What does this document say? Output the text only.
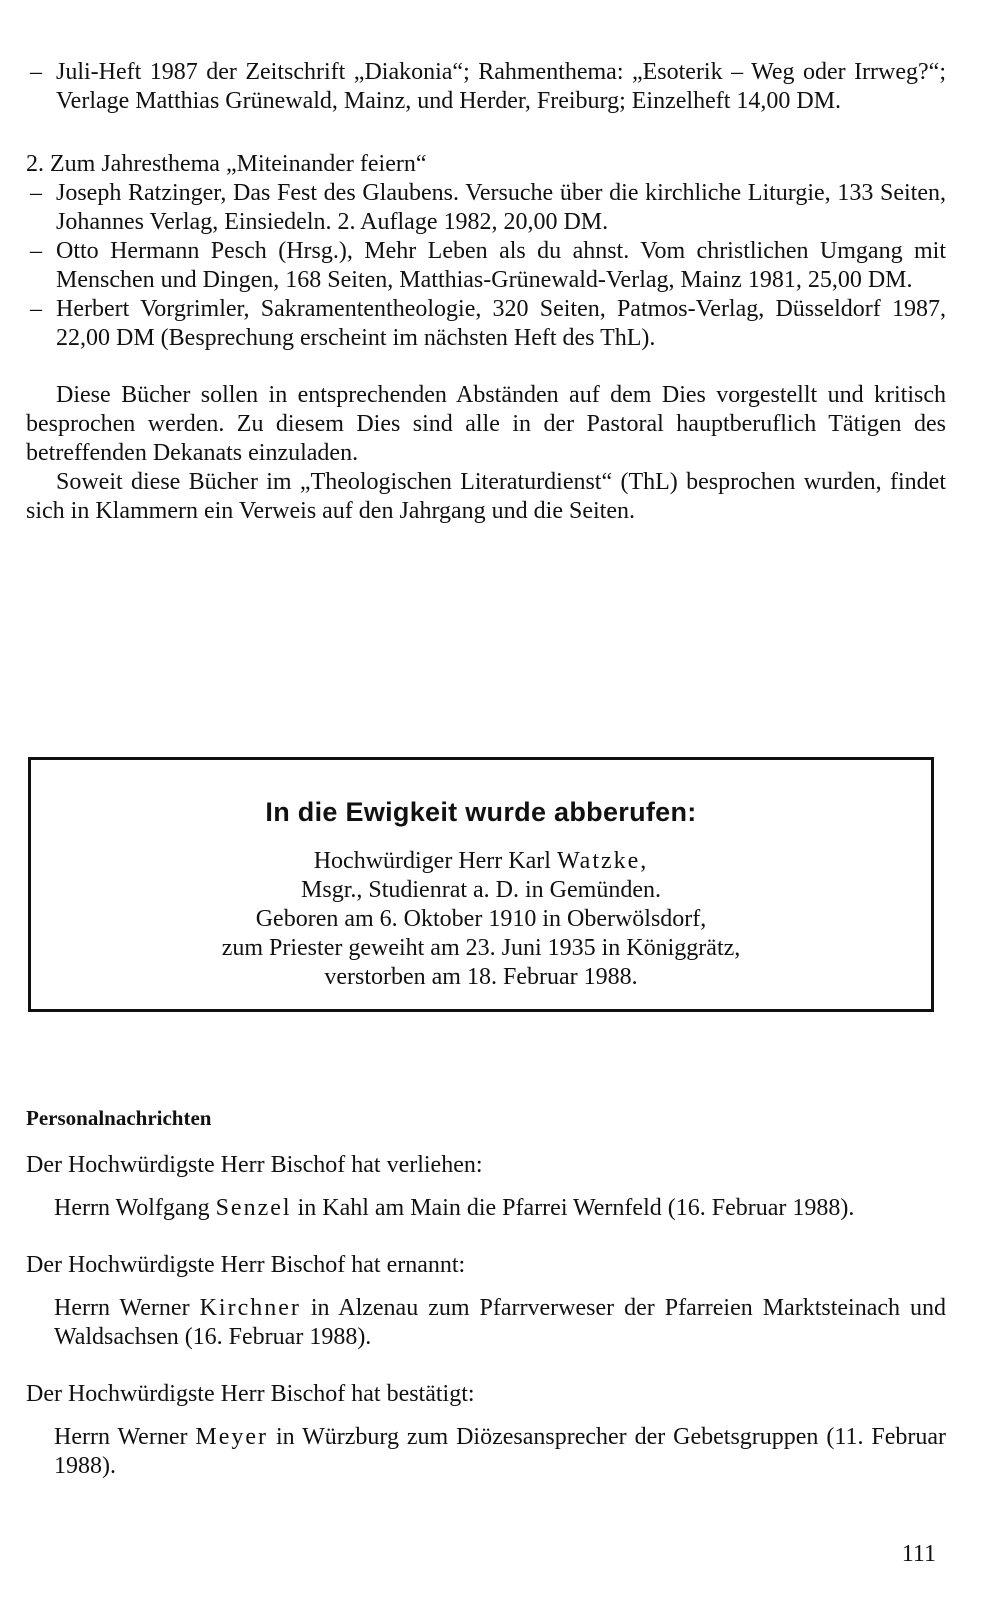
– Juli-Heft 1987 der Zeitschrift „Diakonia“; Rahmenthema: „Esoterik – Weg oder Irrweg?“; Verlage Matthias Grünewald, Mainz, und Herder, Freiburg; Einzelheft 14,00 DM.
2. Zum Jahresthema „Miteinander feiern“
– Joseph Ratzinger, Das Fest des Glaubens. Versuche über die kirchliche Liturgie, 133 Seiten, Johannes Verlag, Einsiedeln. 2. Auflage 1982, 20,00 DM.
– Otto Hermann Pesch (Hrsg.), Mehr Leben als du ahnst. Vom christlichen Umgang mit Menschen und Dingen, 168 Seiten, Matthias-Grünewald-Verlag, Mainz 1981, 25,00 DM.
– Herbert Vorgrimler, Sakramententheologie, 320 Seiten, Patmos-Verlag, Düsseldorf 1987, 22,00 DM (Besprechung erscheint im nächsten Heft des ThL).

Diese Bücher sollen in entsprechenden Abständen auf dem Dies vorgestellt und kritisch besprochen werden. Zu diesem Dies sind alle in der Pastoral hauptberuflich Tätigen des betreffenden Dekanats einzuladen.

Soweit diese Bücher im „Theologischen Literaturdienst“ (ThL) besprochen wurden, findet sich in Klammern ein Verweis auf den Jahrgang und die Seiten.

In die Ewigkeit wurde abberufen:
Hochwürdiger Herr Karl Watzke,
Msgr., Studienrat a. D. in Gemünden.
Geboren am 6. Oktober 1910 in Oberwölsdorf,
zum Priester geweiht am 23. Juni 1935 in Königgrätz,
verstorben am 18. Februar 1988.
Personalnachrichten
Der Hochwürdigste Herr Bischof hat verliehen:
Herrn Wolfgang Senzel in Kahl am Main die Pfarrei Wernfeld (16. Februar 1988).
Der Hochwürdigste Herr Bischof hat ernannt:
Herrn Werner Kirchner in Alzenau zum Pfarrverweser der Pfarreien Marktsteinach und Waldsachsen (16. Februar 1988).
Der Hochwürdigste Herr Bischof hat bestätigt:
Herrn Werner Meyer in Würzburg zum Diözesansprecher der Gebetsgruppen (11. Februar 1988).
111
